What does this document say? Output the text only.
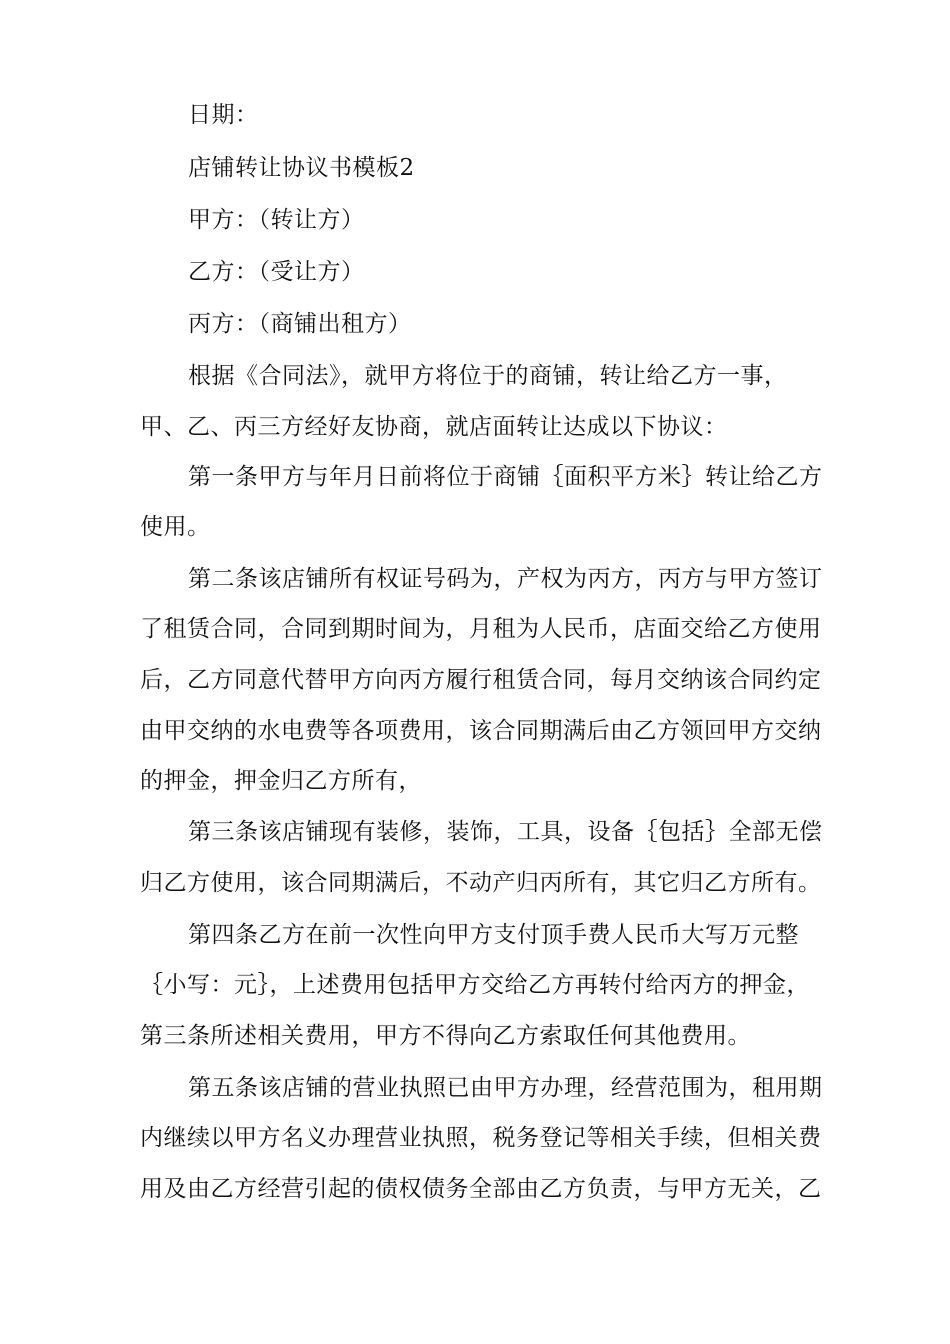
日期：
店铺转让协议书模板2
甲方：（转让方）
乙方：（受让方）
丙方：（商铺出租方）
根据《合同法》，就甲方将位于的商铺，转让给乙方一事，
甲、乙、丙三方经好友协商，就店面转让达成以下协议：
第一条甲方与年月日前将位于商铺｛面积平方米｝转让给乙方
使用。
第二条该店铺所有权证号码为，产权为丙方，丙方与甲方签订
了租赁合同，合同到期时间为，月租为人民币，店面交给乙方使用
后，乙方同意代替甲方向丙方履行租赁合同，每月交纳该合同约定
由甲交纳的水电费等各项费用，该合同期满后由乙方领回甲方交纳
的押金，押金归乙方所有，
第三条该店铺现有装修，装饰，工具，设备｛包括｝全部无偿
归乙方使用，该合同期满后，不动产归丙所有，其它归乙方所有。
第四条乙方在前一次性向甲方支付顶手费人民币大写万元整
｛小写：元｝，上述费用包括甲方交给乙方再转付给丙方的押金，
第三条所述相关费用，甲方不得向乙方索取任何其他费用。
第五条该店铺的营业执照已由甲方办理，经营范围为，租用期
内继续以甲方名义办理营业执照，税务登记等相关手续，但相关费
用及由乙方经营引起的债权债务全部由乙方负责，与甲方无关，乙
